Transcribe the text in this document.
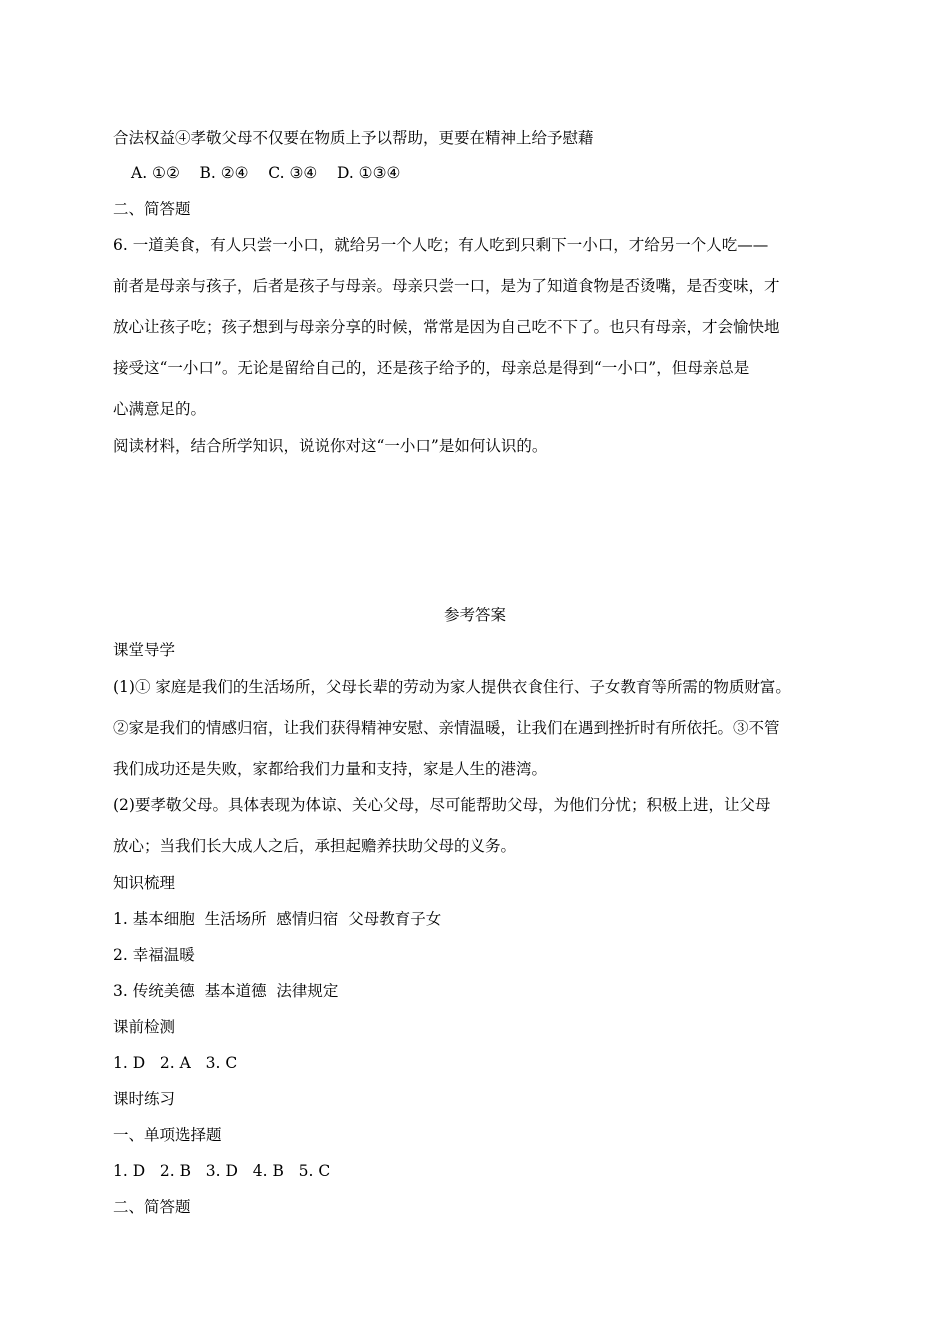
合法权益④孝敬父母不仅要在物质上予以帮助，更要在精神上给予慰藉
A. ①②    B. ②④    C. ③④    D. ①③④
二、简答题
6. 一道美食，有人只尝一小口，就给另一个人吃；有人吃到只剩下一小口，才给另一个人吃——
前者是母亲与孩子，后者是孩子与母亲。母亲只尝一口，是为了知道食物是否烫嘴，是否变味，才
放心让孩子吃；孩子想到与母亲分享的时候，常常是因为自己吃不下了。也只有母亲，才会愉快地
接受这“一小口”。无论是留给自己的，还是孩子给予的，母亲总是得到“一小口”，但母亲总是
心满意足的。
阅读材料，结合所学知识，说说你对这“一小口”是如何认识的。
参考答案
课堂导学
(1)① 家庭是我们的生活场所，父母长辈的劳动为家人提供衣食住行、子女教育等所需的物质财富。
②家是我们的情感归宿，让我们获得精神安慰、亲情温暖，让我们在遇到挫折时有所依托。③不管
我们成功还是失败，家都给我们力量和支持，家是人生的港湾。
(2)要孝敬父母。具体表现为体谅、关心父母，尽可能帮助父母，为他们分忧；积极上进，让父母
放心；当我们长大成人之后，承担起赡养扶助父母的义务。
知识梳理
1. 基本细胞  生活场所  感情归宿  父母教育子女
2. 幸福温暖
3. 传统美德  基本道德  法律规定
课前检测
1. D   2. A   3. C
课时练习
一、单项选择题
1. D   2. B   3. D   4. B   5. C
二、简答题
